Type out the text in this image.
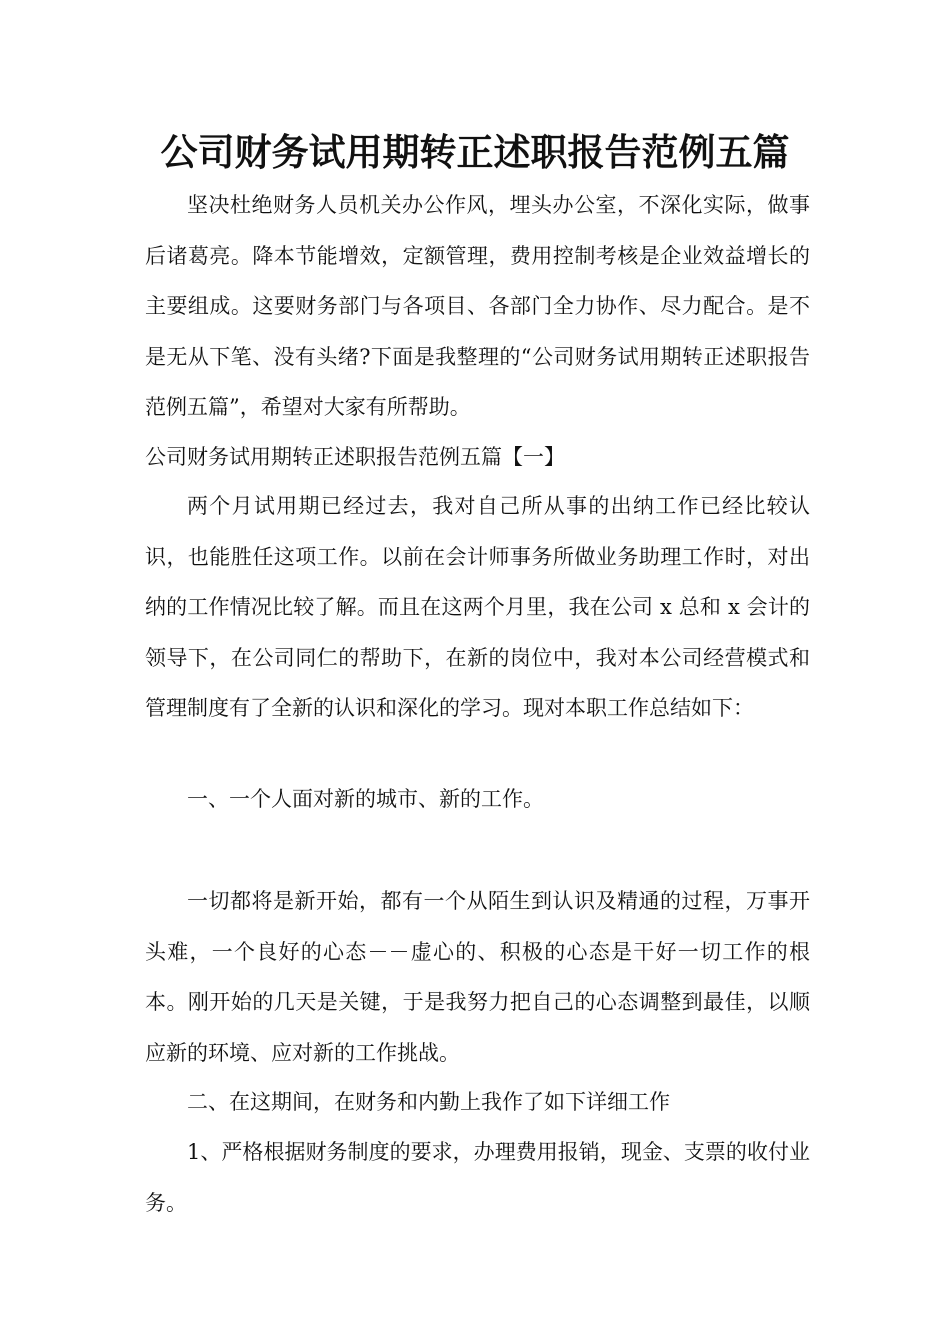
公司财务试用期转正述职报告范例五篇

坚决杜绝财务人员机关办公作风，埋头办公室，不深化实际，做事后诸葛亮。降本节能增效，定额管理，费用控制考核是企业效益增长的主要组成。这要财务部门与各项目、各部门全力协作、尽力配合。是不是无从下笔、没有头绪?下面是我整理的“公司财务试用期转正述职报告范例五篇”，希望对大家有所帮助。

公司财务试用期转正述职报告范例五篇【一】

两个月试用期已经过去，我对自己所从事的出纳工作已经比较认识，也能胜任这项工作。以前在会计师事务所做业务助理工作时，对出纳的工作情况比较了解。而且在这两个月里，我在公司 x 总和 x 会计的领导下，在公司同仁的帮助下，在新的岗位中，我对本公司经营模式和管理制度有了全新的认识和深化的学习。现对本职工作总结如下：

一、一个人面对新的城市、新的工作。

一切都将是新开始，都有一个从陌生到认识及精通的过程，万事开头难，一个良好的心态－－虚心的、积极的心态是干好一切工作的根本。刚开始的几天是关键，于是我努力把自己的心态调整到最佳，以顺应新的环境、应对新的工作挑战。

二、在这期间，在财务和内勤上我作了如下详细工作

1、严格根据财务制度的要求，办理费用报销，现金、支票的收付业务。
